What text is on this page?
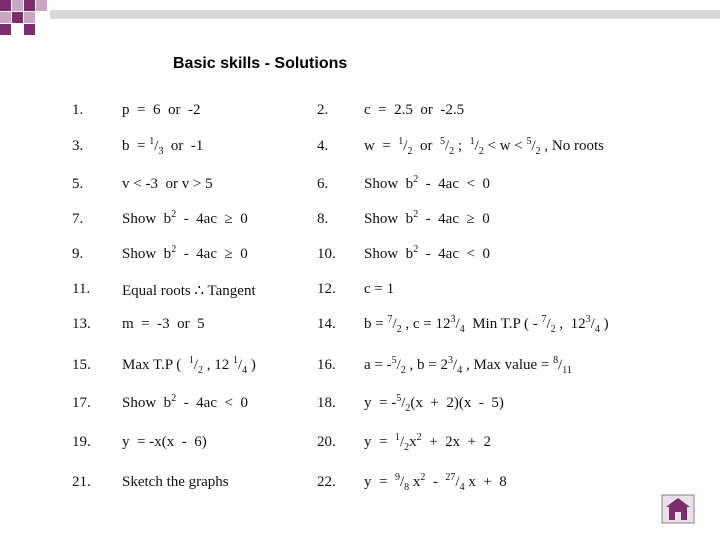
Basic skills - Solutions
1.	p  =  6  or  -2	2. c  =  2.5  or  -2.5
3.	$b = ^1/_3$  or  -1	4. $w = ^1/_2$  or  $^5/_2$ ;  $^1/_2 < w < ^5/_2$ , No roots
5.	v < -3  or v > 5	6. Show  $b^2 - 4ac < 0$
7.	Show  $b^2 - 4ac \ge 0$	8. Show  $b^2 - 4ac \ge 0$
9.	Show  $b^2 - 4ac \ge 0$	10. Show  $b^2 - 4ac < 0$
11. Equal roots ∴ Tangent	12. c = 1
13. m  =  -3  or  5	14. $b = ^7/_2$ , $c = 12^3/_4$  Min T.P ( - $^7/_2$ ,  $12^3/_4$ )
15. Max T.P (  $^1/_2$ , 12 $^1/_4$ )	16. $a = -^5/_2$ , $b = 2^3/_4$ , Max value = $^8/_{11}$
17. Show  $b^2 - 4ac < 0$	18. $y = -^5/_2(x + 2)(x - 5)$
19. y  = -x(x  -  6)	20. $y = ^1/_2x^2 + 2x + 2$
21. Sketch the graphs	22. $y = ^9/_8$ $x^2 - ^{27}/_4$ x  +  8
